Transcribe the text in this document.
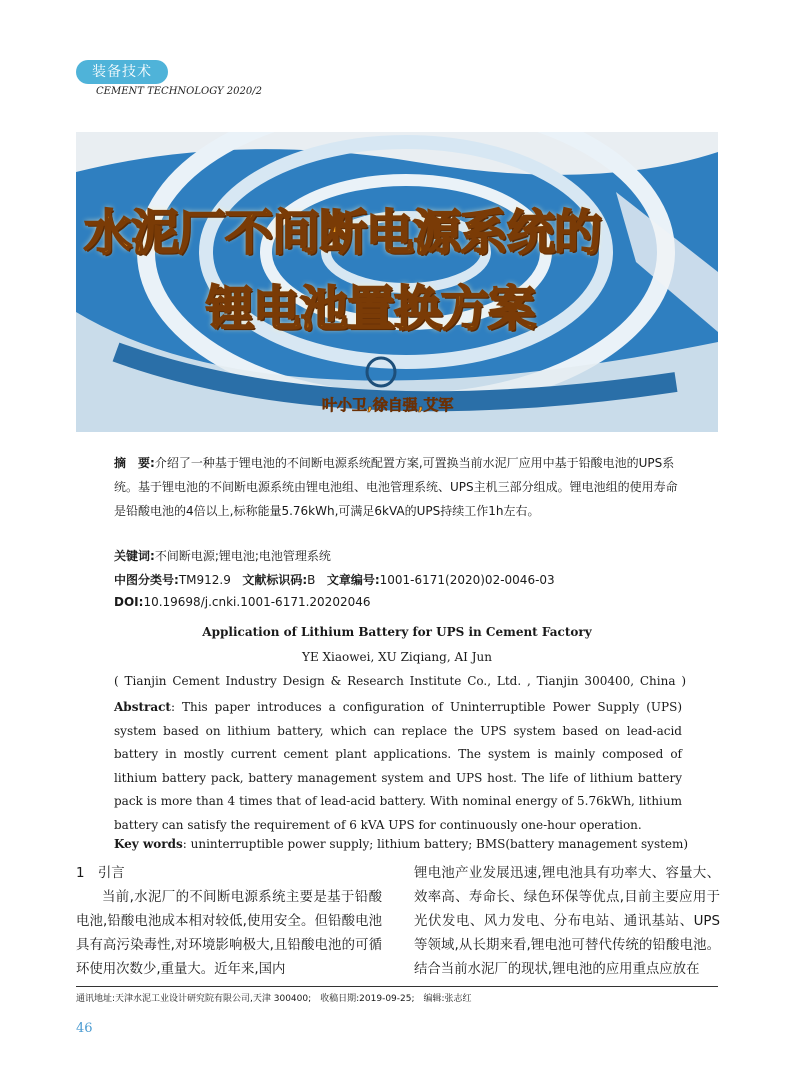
装备技术
CEMENT TECHNOLOGY 2020/2
水泥厂不间断电源系统的
锂电池置换方案
叶小卫,徐自强,艾军
摘　要:介绍了一种基于锂电池的不间断电源系统配置方案,可置换当前水泥厂应用中基于铅酸电池的UPS系统。基于锂电池的不间断电源系统由锂电池组、电池管理系统、UPS主机三部分组成。锂电池组的使用寿命是铅酸电池的4倍以上,标称能量5.76kWh,可满足6kVA的UPS持续工作1h左右。
关键词:不间断电源;锂电池;电池管理系统
中图分类号:TM912.9 文献标识码:B 文章编号:1001-6171(2020)02-0046-03
DOI:10.19698/j.cnki.1001-6171.20202046
Application of Lithium Battery for UPS in Cement Factory
YE Xiaowei, XU Ziqiang, AI Jun
( Tianjin Cement Industry Design & Research Institute Co., Ltd. , Tianjin 300400, China )
Abstract: This paper introduces a configuration of Uninterruptible Power Supply (UPS) system based on lithium battery, which can replace the UPS system based on lead-acid battery in mostly current cement plant applications. The system is mainly composed of lithium battery pack, battery management system and UPS host. The life of lithium battery pack is more than 4 times that of lead-acid battery. With nominal energy of 5.76kWh, lithium battery can satisfy the requirement of 6 kVA UPS for continuously one-hour operation.
Key words: uninterruptible power supply; lithium battery; BMS(battery management system)

1　引言

当前,水泥厂的不间断电源系统主要是基于铅酸电池,铅酸电池成本相对较低,使用安全。但铅酸电池具有高污染毒性,对环境影响极大,且铅酸电池的可循环使用次数少,重量大。近年来,国内

锂电池产业发展迅速,锂电池具有功率大、容量大、效率高、寿命长、绿色环保等优点,目前主要应用于光伏发电、风力发电、分布电站、通讯基站、UPS等领域,从长期来看,锂电池可替代传统的铅酸电池。结合当前水泥厂的现状,锂电池的应用重点应放在

通讯地址:天津水泥工业设计研究院有限公司,天津 300400;　收稿日期:2019-09-25;　编辑:张志红
46
